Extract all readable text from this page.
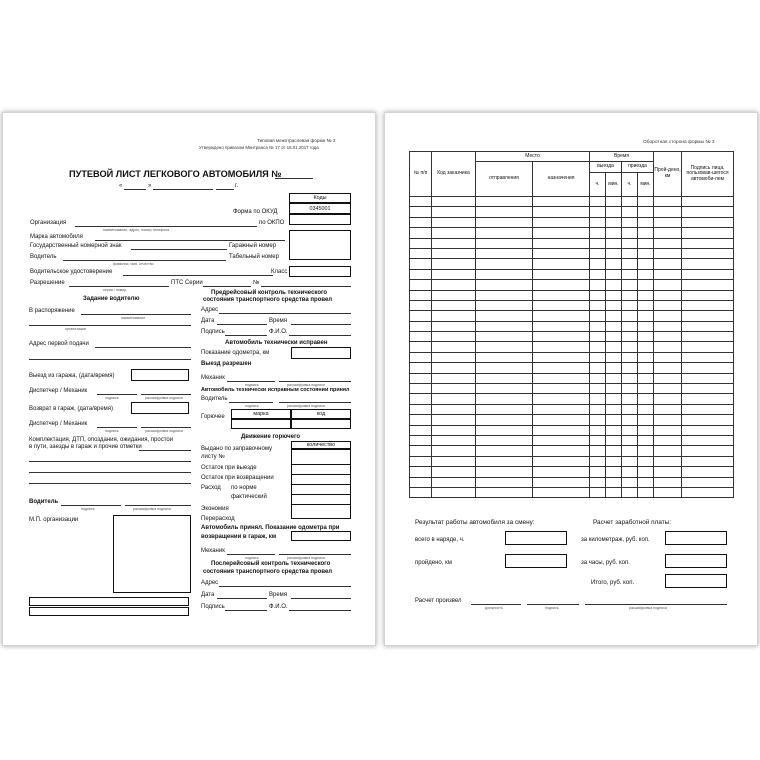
Типовая межотраслевая форма № 3
Утверждено приказом Минтранса № 17 от 18.01.2017 года
ПУТЕВОЙ ЛИСТ ЛЕГКОВОГО АВТОМОБИЛЯ №
«	»	г.
Коды
0345001
Форма по ОКУД
по ОКПО
Организация
наименование, адрес, номер телефона
Марка автомобиля
Государственный номерной знак	Гаражный номер
Водитель	Табельный номер
фамилия, имя, отчество
Водительское удостоверение	Класс
Разрешение	ПТС Серии	№
серия / номер
Задание водителю
В распоряжение
наименование
организации
Адрес первой подачи
Выезд из гаража, (дата/время)
Диспетчер / Механик
подпись	расшифровка подписи
Возврат в гараж, (дата/время)
Диспетчер / Механик
подпись	расшифровка подписи
Комплектация, ДТП, опоздания, ожидания, простои
в пути, заезды в гараж и прочие отметки
Водитель
подпись	расшифровка подписи
М.П. организации
Предрейсовый контроль технического
состояния транспортного средства провел
Адрес
Дата	Время
Подпись	Ф.И.О.
Автомобиль технически исправен
Показание одометра, км
Выезд разрешен
Механик
подпись	расшифровка подписи
Автомобиль технически исправным состоянии принял
Водитель
подпись	расшифровка подписи
Горючее	марка	код
Движение горючего
количество
Выдано по заправочному
листу №
Остаток при выезде
Остаток при возвращении
Расход по норме
фактический
Экономия
Перерасход
Автомобиль принял. Показание одометра при
возвращении в гараж, км
Механик
подпись	расшифровка подписи
Послерейсовый контроль технического
состояния транспортного средства провел
Адрес
Дата	Время
Подпись	Ф.И.О.
Оборотная сторона формы № 3
№ п/п	Код заказчика	Место		Время				Прой-дено, км	Подпись лица, пользовав-шегося автомоби-лем
		отправления	назначения	выезда		приезда			
				ч.	мин.	ч.	мин.		

Результат работы автомобиля за смену:	Расчет заработной платы:
всего в наряде, ч.	за километраж, руб. коп.
пройдено, км	за часы, руб. коп.
Итого, руб. коп.
Расчет произвел
должность	подпись	расшифровка подписи
